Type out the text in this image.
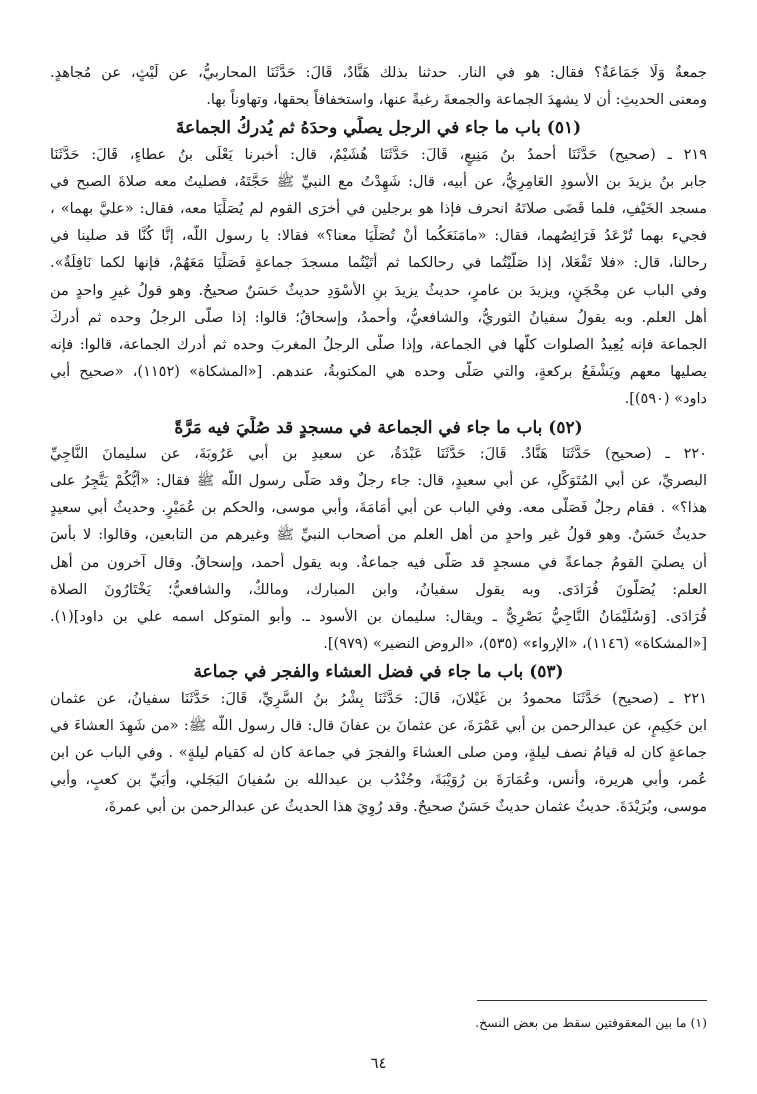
جمعةٌ وَلَا جَمَاعَةٌ؟ فقال: هو في النار. حدثنا بذلك هَنَّادٌ، قَالَ: حَدَّثَنَا المحاربيُّ، عن لَيْثٍ، عن مُجاهدٍ.
ومعنى الحديثِ: أن لا يشهدَ الجماعة والجمعةَ رغبةً عنها، واستخفافاً بحقها، وتهاوناً بها.
(٥١) باب ما جاء في الرجل يصلِّي وحدَهُ ثم يُدركُ الجماعةَ
٢١٩ ـ (صحيح) حَدَّثَنَا أحمدُ بنُ مَنِيعٍ، قَالَ: حَدَّثَنَا هُشَيْمٌ، قال: أخبرنا يَعْلَى بنُ عطاءٍ، قَالَ: حَدَّثَنَا
جابر بنُ يزيدَ بن الأسودِ العَامِرِيُّ، عن أبيه، قال: شَهِدْتُ مع النبيِّ ﷺ حَجَّتَهُ، فصليتُ معه صلاةَ الصبح في
مسجد الخَيْفِ، فلما قَضَى صلاتَهُ انحرف فإذا هو برجلين في أُخرَى القوم لم يُصَلِّيَا معه، فقال: «عليَّ بهما» ،
فجيء بهما تُرْعَدُ فَرَائِصُهما، فقال: «مامَنَعَكُما أَنْ تُصَلِّيَا معنا؟» فقالا: يا رسول اللّه، إنَّا كُنَّا قد صلينا في
رحالنا، قال: «فلا تَفْعَلا، إذا صَلَّيْتُما في رحالكما ثم أَتَيْتُما مسجدَ جماعةٍ فَصَلِّيَا مَعَهُمْ، فإنها لكما نَافِلَةٌ».
وفي الباب عن مِحْجَنٍ، ويزيدَ بن عامرٍ، حديثُ يزيدَ بنِ الأَسْوَدِ حديثٌ حَسَنٌ صحيحٌ. وهو قولُ غيرِ واحدٍ من
أهل العلم. وبه يقولُ سفيانُ الثوريُّ، والشافعيُّ، وأحمدُ، وإسحاقُ؛ قالوا: إذا صلَّى الرجلُ وحده ثم أدركَ
الجماعة فإنه يُعِيدُ الصلوات كلَّها في الجماعة، وإذا صلَّى الرجلُ المغربَ وحده ثم أدرك الجماعة، قالوا: فإنه
يصليها معهم ويَشْفَعُ بركعةٍ، والتي صَلَّى وحده هي المكتوبةُ، عندهم. [«المشكاة» (١١٥٢)، «صحيح أبي
داود» (٥٩٠)].
(٥٢) باب ما جاء في الجماعة في مسجدٍ قد صُلِّيَ فيه مَرَّةً
٢٢٠ ـ (صحيح) حَدَّثَنَا هَنَّادٌ. قَالَ: حَدَّثَنَا عَبْدَةُ، عن سعيدِ بن أبي عَرُوبَةَ، عن سليمانَ النَّاجِيِّ
البصريِّ، عن أبي المُتَوَكِّلِ، عن أبي سعيدٍ، قال: جاء رجلٌ وقد صَلَّى رسول اللّه ﷺ فقال: «أَيُّكُمْ يَتَّجِرُ على
هذا؟» . فقام رجلٌ فَصَلَّى معه. وفي الباب عن أبي أُمَامَةَ، وأبي موسى، والحكم بن عُمَيْرٍ. وحديثُ أبي سعيدٍ
حديثٌ حَسَنٌ. وهو قولُ غير واحدٍ من أهل العلم من أصحاب النبيِّ ﷺ وغيرهم من التابعين، وقالوا: لا بأسَ
أن يصليَ القومُ جماعةً في مسجدٍ قد صَلَّى فيه جماعةٌ. وبه يقول أحمد، وإسحاقُ. وقال آخرون من أهل
العلم: يُصَلُّونَ فُرَادَى. وبه يقول سفيانُ، وابن المبارك، ومالكٌ، والشافعيُّ؛ يَخْتَارُونَ الصلاة
فُرَادَى. [وَسُلَيْمَانُ النَّاجِيُّ بَصْرِيٌّ ـ ويقال: سليمان بن الأسود ـ. وأبو المتوكل اسمه علي بن داود](١).
[«المشكاة» (١١٤٦)، «الإرواء» (٥٣٥)، «الروض النضير» (٩٧٩)].
(٥٣) باب ما جاء في فضل العشاء والفجر في جماعة
٢٢١ ـ (صحيح) حَدَّثَنَا محمودُ بن غَيْلانَ، قَالَ: حَدَّثَنَا بِشْرُ بنُ السَّرِيِّ، قَالَ: حَدَّثَنَا سفيانُ، عن عثمان
ابن حَكِيمٍ، عن عبدالرحمن بن أبي عَمْرَةَ، عن عثمانَ بن عفانَ قال: قال رسول اللّه ﷺ: «من شَهِدَ العشاءَ في
جماعةٍ كان له قيامُ نصف ليلةٍ، ومن صلى العشاءَ والفجرَ في جماعة كان له كقيام ليلةٍ» . وفي الباب عن ابن
عُمر، وأبي هريرة، وأنس، وعُمَارَةَ بن رُوَيْبَةَ، وجُنْدُب بن عبدالله بن سُفيانَ البَجَلي، وأُبَيِّ بن كعبٍ، وأبي
موسى، وبُرَيْدَةَ. حديثُ عثمان حديثٌ حَسَنٌ صحيحٌ. وقد رُوِيَ هذا الحديثُ عن عبدالرحمن بن أبي عمرةَ،
(١) ما بين المعقوفتين سقط من بعض النسخ.
٦٤
